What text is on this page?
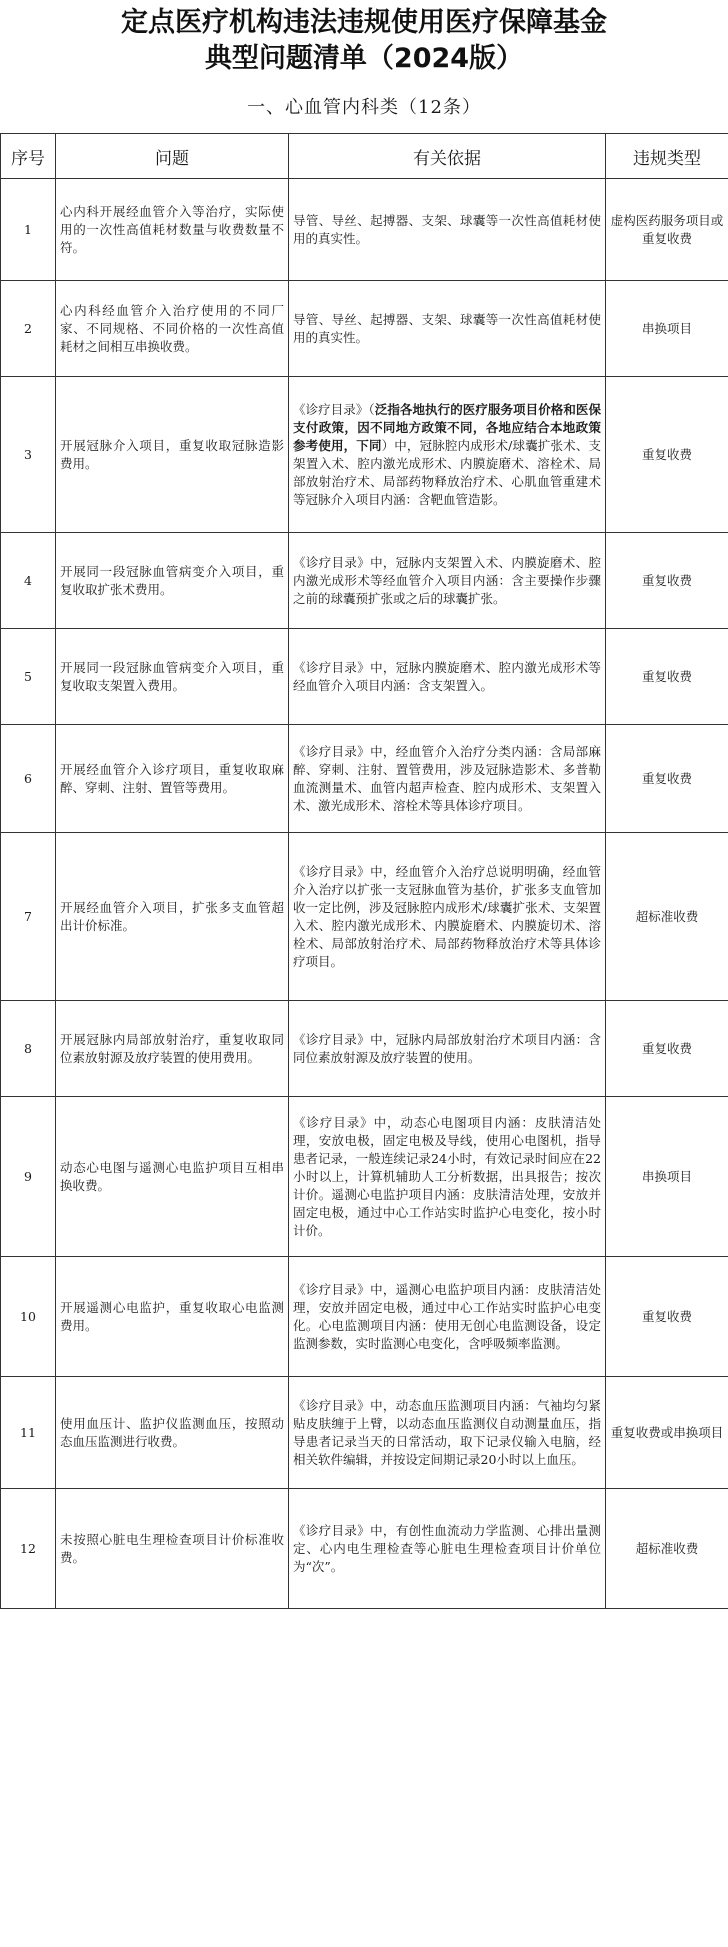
定点医疗机构违法违规使用医疗保障基金
典型问题清单（2024版）
一、心血管内科类（12条）
序号	问题	有关依据	违规类型
1	心内科开展经血管介入等治疗，实际使用的一次性高值耗材数量与收费数量不符。	导管、导丝、起搏器、支架、球囊等一次性高值耗材使用的真实性。	虚构医药服务项目或重复收费
2	心内科经血管介入治疗使用的不同厂家、不同规格、不同价格的一次性高值耗材之间相互串换收费。	导管、导丝、起搏器、支架、球囊等一次性高值耗材使用的真实性。	串换项目
3	开展冠脉介入项目，重复收取冠脉造影费用。	《诊疗目录》（泛指各地执行的医疗服务项目价格和医保支付政策，因不同地方政策不同，各地应结合本地政策参考使用，下同）中，冠脉腔内成形术/球囊扩张术、支架置入术、腔内激光成形术、内膜旋磨术、溶栓术、局部放射治疗术、局部药物释放治疗术、心肌血管重建术等冠脉介入项目内涵：含靶血管造影。	重复收费
4	开展同一段冠脉血管病变介入项目，重复收取扩张术费用。	《诊疗目录》中，冠脉内支架置入术、内膜旋磨术、腔内激光成形术等经血管介入项目内涵：含主要操作步骤之前的球囊预扩张或之后的球囊扩张。	重复收费
5	开展同一段冠脉血管病变介入项目，重复收取支架置入费用。	《诊疗目录》中，冠脉内膜旋磨术、腔内激光成形术等经血管介入项目内涵：含支架置入。	重复收费
6	开展经血管介入诊疗项目，重复收取麻醉、穿刺、注射、置管等费用。	《诊疗目录》中，经血管介入治疗分类内涵：含局部麻醉、穿刺、注射、置管费用，涉及冠脉造影术、多普勒血流测量术、血管内超声检查、腔内成形术、支架置入术、激光成形术、溶栓术等具体诊疗项目。	重复收费
7	开展经血管介入项目，扩张多支血管超出计价标准。	《诊疗目录》中，经血管介入治疗总说明明确，经血管介入治疗以扩张一支冠脉血管为基价，扩张多支血管加收一定比例，涉及冠脉腔内成形术/球囊扩张术、支架置入术、腔内激光成形术、内膜旋磨术、内膜旋切术、溶栓术、局部放射治疗术、局部药物释放治疗术等具体诊疗项目。	超标准收费
8	开展冠脉内局部放射治疗，重复收取同位素放射源及放疗装置的使用费用。	《诊疗目录》中，冠脉内局部放射治疗术项目内涵：含同位素放射源及放疗装置的使用。	重复收费
9	动态心电图与遥测心电监护项目互相串换收费。	《诊疗目录》中，动态心电图项目内涵：皮肤清洁处理，安放电极，固定电极及导线，使用心电图机，指导患者记录，一般连续记录24小时，有效记录时间应在22小时以上，计算机辅助人工分析数据，出具报告；按次计价。遥测心电监护项目内涵：皮肤清洁处理，安放并固定电极，通过中心工作站实时监护心电变化，按小时计价。	串换项目
10	开展遥测心电监护，重复收取心电监测费用。	《诊疗目录》中，遥测心电监护项目内涵：皮肤清洁处理，安放并固定电极，通过中心工作站实时监护心电变化。心电监测项目内涵：使用无创心电监测设备，设定监测参数，实时监测心电变化，含呼吸频率监测。	重复收费
11	使用血压计、监护仪监测血压，按照动态血压监测进行收费。	《诊疗目录》中，动态血压监测项目内涵：气袖均匀紧贴皮肤缠于上臂，以动态血压监测仪自动测量血压，指导患者记录当天的日常活动，取下记录仪输入电脑，经相关软件编辑，并按设定间期记录20小时以上血压。	重复收费或串换项目
12	未按照心脏电生理检查项目计价标准收费。	《诊疗目录》中，有创性血流动力学监测、心排出量测定、心内电生理检查等心脏电生理检查项目计价单位为“次”。	超标准收费
